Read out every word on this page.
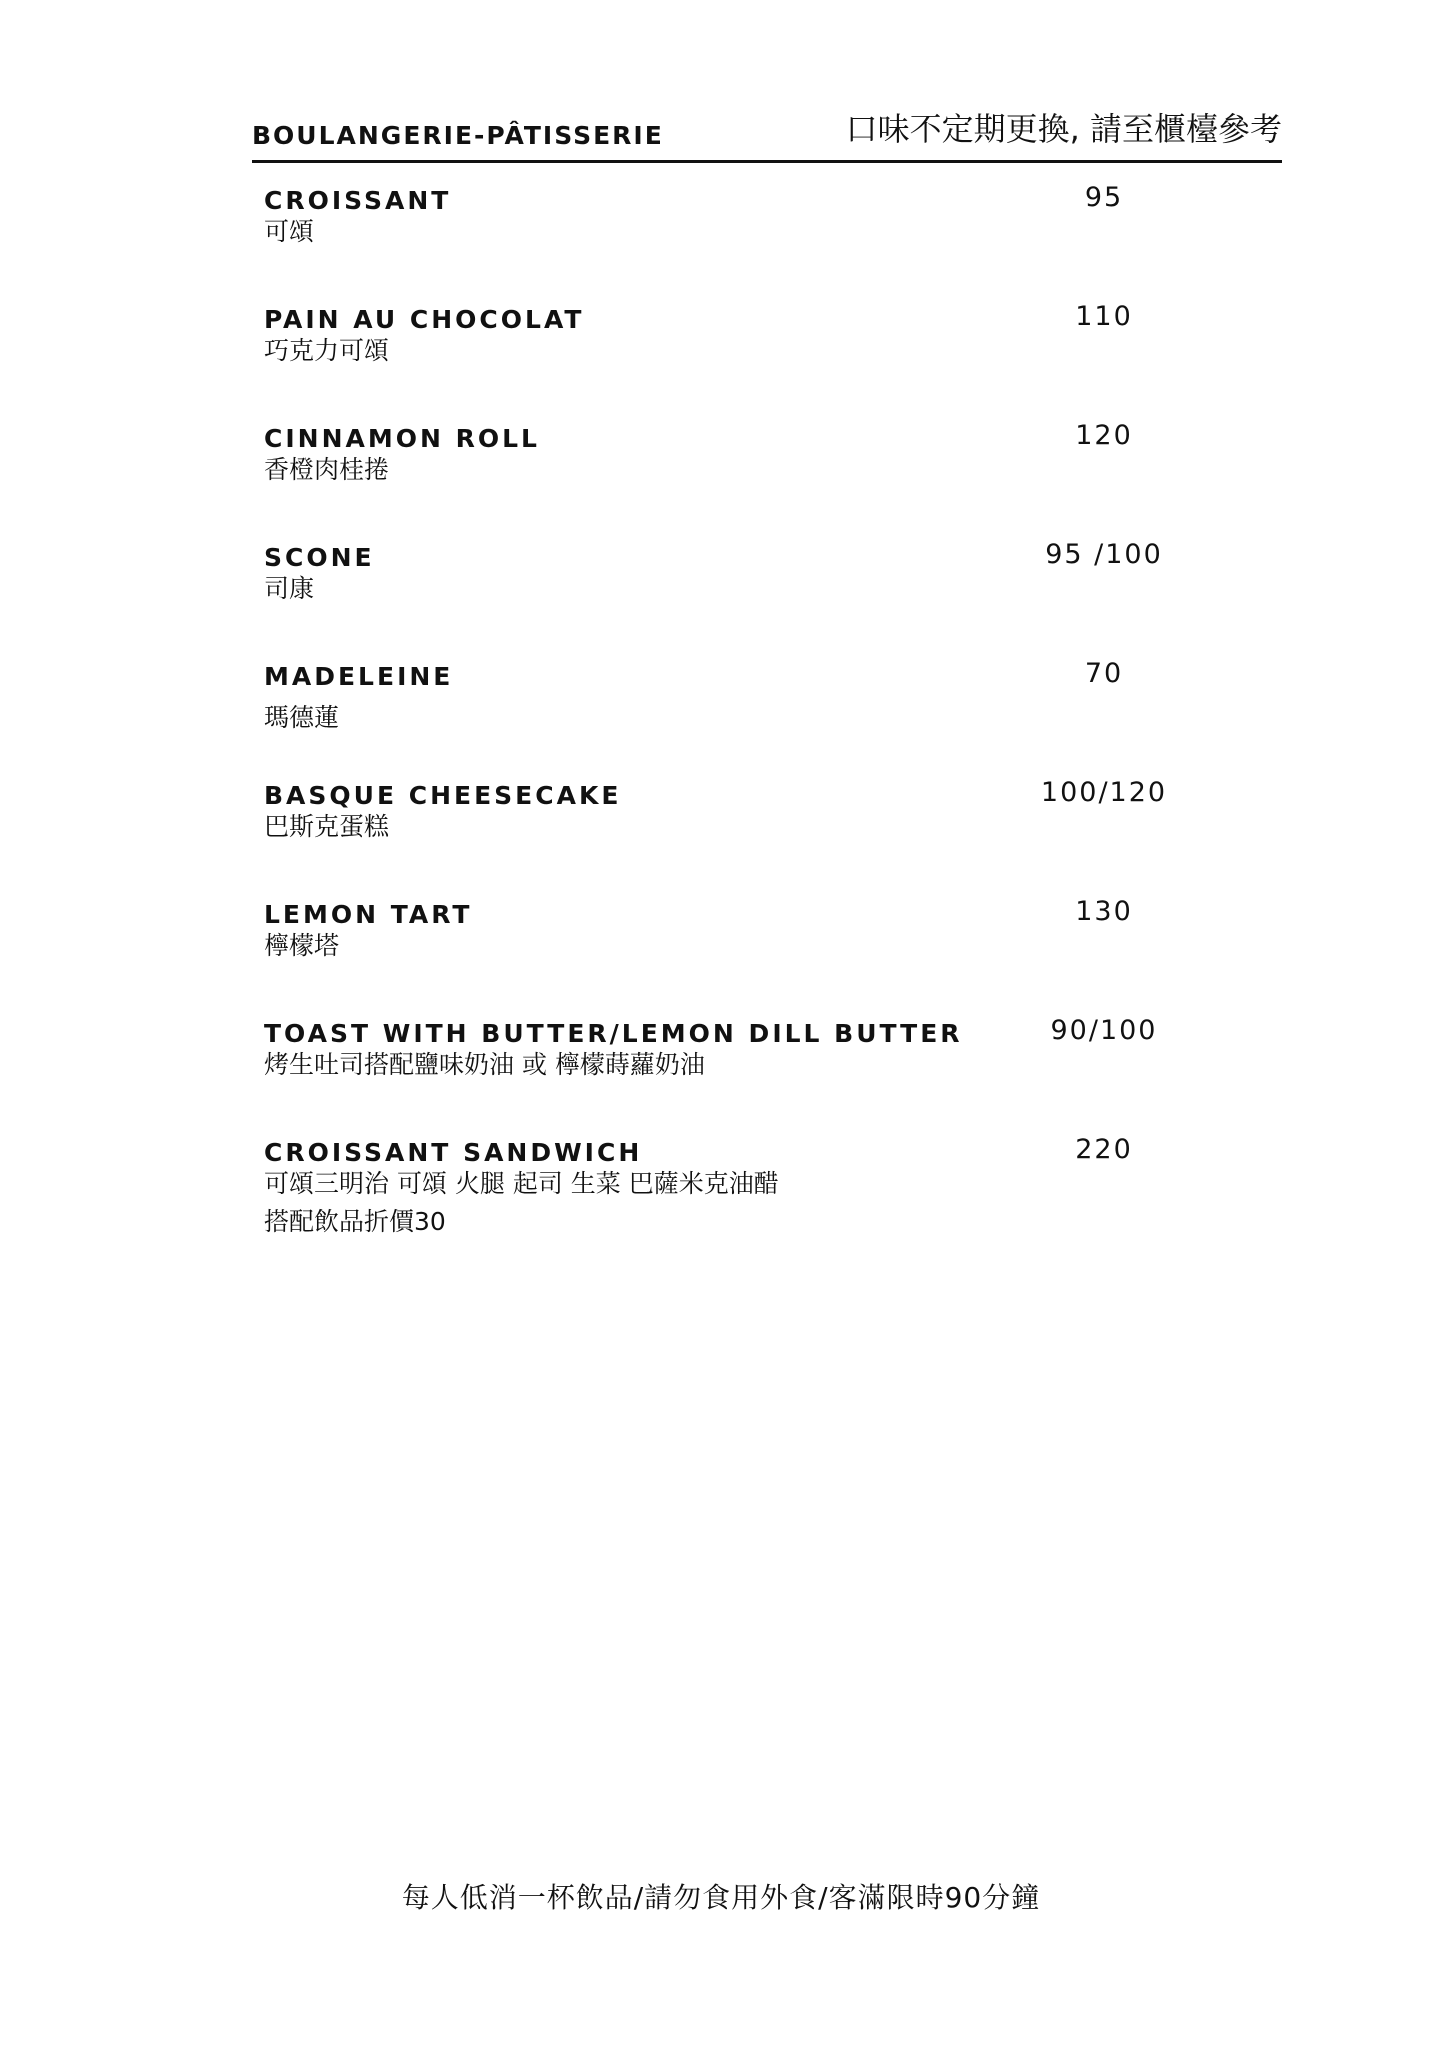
BOULANGERIE-PÂTISSERIE	口味不定期更換, 請至櫃檯參考
CROISSANT
可頌
95
PAIN AU CHOCOLAT
巧克力可頌
110
CINNAMON ROLL
香橙肉桂捲
120
SCONE
司康
95 /100
MADELEINE
瑪德蓮
70
BASQUE CHEESECAKE
巴斯克蛋糕
100/120
LEMON TART
檸檬塔
130
TOAST WITH BUTTER/LEMON DILL BUTTER
烤生吐司搭配鹽味奶油 或 檸檬蒔蘿奶油
90/100
CROISSANT SANDWICH
可頌三明治 可頌 火腿 起司 生菜 巴薩米克油醋
搭配飲品折價30
220
每人低消一杯飲品/請勿食用外食/客滿限時90分鐘
